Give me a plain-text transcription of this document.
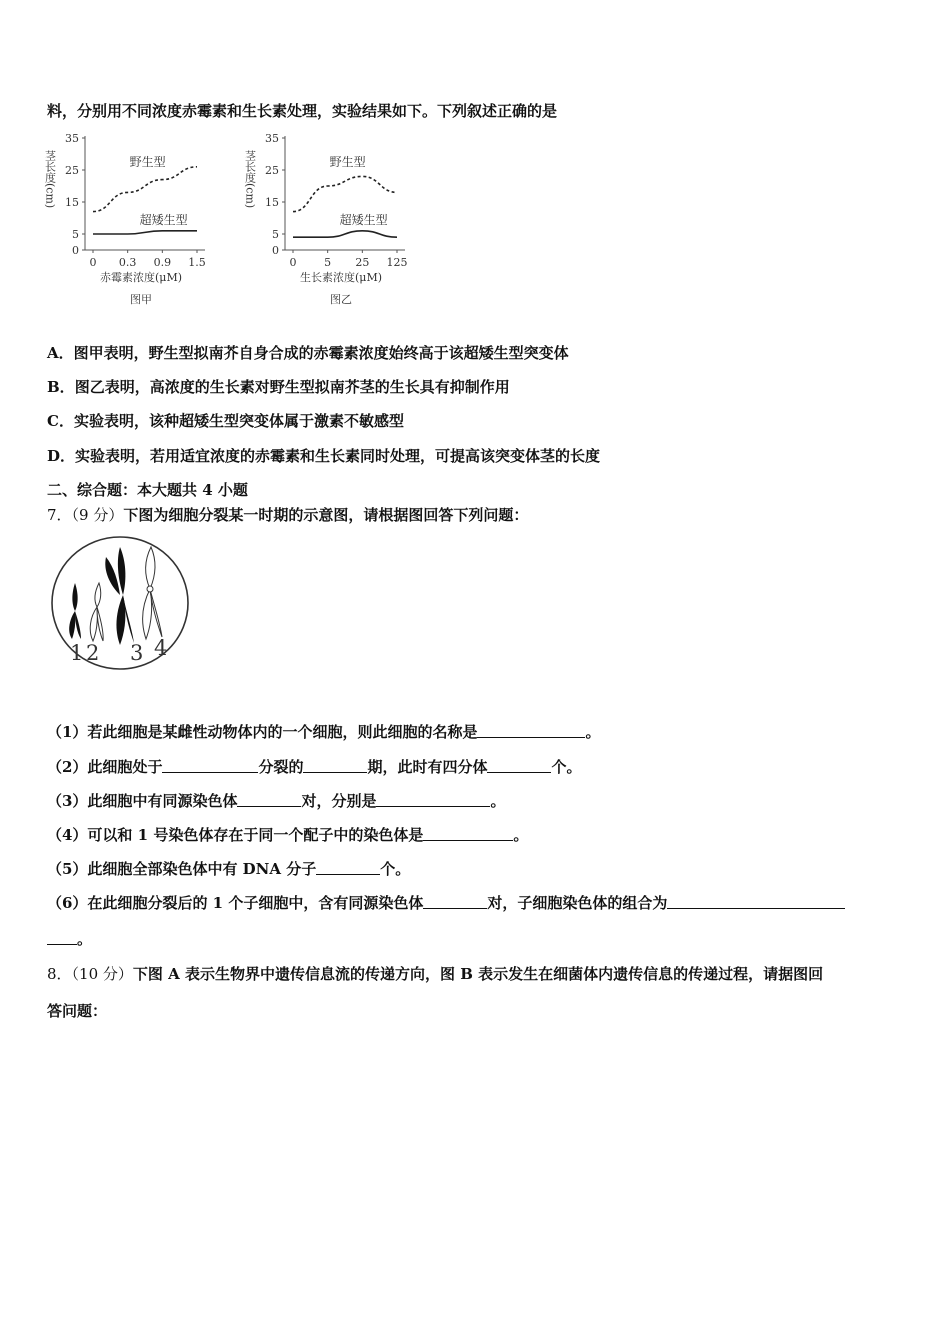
料，分别用不同浓度赤霉素和生长素处理，实验结果如下。下列叙述正确的是
35
25
15
5
0
茎长度(cm)
0 0.3 0.9 1.5
赤霉素浓度(μM)
图甲
野生型
超矮生型
35
25
15
5
0
茎长度(cm)
0	5 25 125
生长素浓度(μM)
图乙
野生型
超矮生型
A．图甲表明，野生型拟南芥自身合成的赤霉素浓度始终高于该超矮生型突变体
B．图乙表明，高浓度的生长素对野生型拟南芥茎的生长具有抑制作用
C．实验表明，该种超矮生型突变体属于激素不敏感型
D．实验表明，若用适宜浓度的赤霉素和生长素同时处理，可提高该突变体茎的长度
二、综合题：本大题共 4 小题
7．（9 分）下图为细胞分裂某一时期的示意图，请根据图回答下列问题：
1 2 3 4
（1）若此细胞是某雌性动物体内的一个细胞，则此细胞的名称是	。
（2）此细胞处于	分裂的	期，此时有四分体	个。
（3）此细胞中有同源染色体	对，分别是	。
（4）可以和 1 号染色体存在于同一个配子中的染色体是	。
（5）此细胞全部染色体中有 DNA 分子	个。
（6）在此细胞分裂后的 1 个子细胞中，含有同源染色体	对，子细胞染色体的组合为
。
8．（10 分）下图 A 表示生物界中遗传信息流的传递方向，图 B 表示发生在细菌体内遗传信息的传递过程，请据图回
答问题：
